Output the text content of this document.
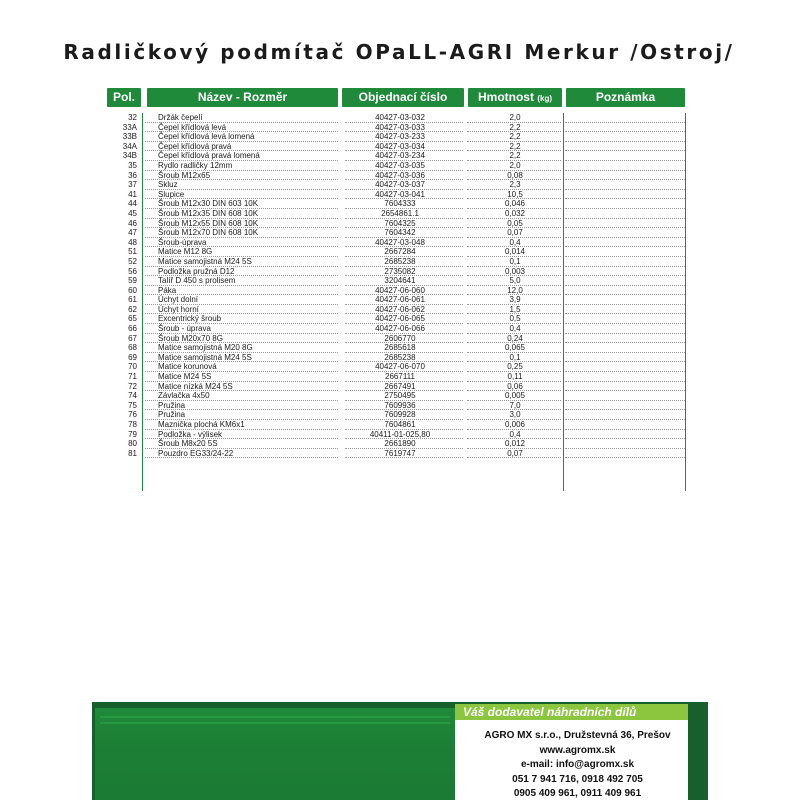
Radličkový podmítač OPaLL-AGRI Merkur /Ostroj/
Pol.	Název - Rozměr	Objednací číslo	Hmotnost (kg)	Poznámka
32	Držák čepelí	40427-03-032	2,0
33A	Čepel křídlová levá	40427-03-033	2,2
33B	Čepel křídlová levá lomená	40427-03-233	2,2
34A	Čepel křídlová pravá	40427-03-034	2,2
34B	Čepel křídlová pravá lomená	40427-03-234	2,2
35	Rydlo radličky 12mm	40427-03-035	2,0
36	Šroub M12x65	40427-03-036	0,08
37	Skluz	40427-03-037	2,3
41	Slupice	40427-03-041	10,5
44	Šroub M12x30 DIN 603 10K	7604333	0,046
45	Šroub M12x35 DIN 608 10K	2654861.1	0,032
46	Šroub M12x55 DIN 608 10K	7604325	0,05
47	Šroub M12x70 DIN 608 10K	7604342	0,07
48	Šroub-úprava	40427-03-048	0,4
51	Matice M12 8G	2667284	0,014
52	Matice samojistná M24 5S	2685238	0,1
56	Podložka pružná D12	2735082	0,003
59	Talíř D 450 s prolisem	3204641	5,0
60	Páka	40427-06-060	12,0
61	Úchyt dolní	40427-06-061	3,9
62	Úchyt horní	40427-06-062	1,5
65	Excentrický šroub	40427-06-065	0,5
66	Šroub - úprava	40427-06-066	0,4
67	Šroub M20x70 8G	2606770	0,24
68	Matice samojistná M20 8G	2685618	0,065
69	Matice samojistná M24 5S	2685238	0,1
70	Matice korunová	40427-06-070	0,25
71	Matice M24 5S	2667111	0,11
72	Matice nízká M24 5S	2667491	0,06
74	Závlačka 4x50	2750495	0,005
75	Pružina	7609936	7,0
76	Pružina	7609928	3,0
78	Maznička plochá KM6x1	7604861	0,006
79	Podložka - výlisek	40411-01-025,80	0,4
80	Šroub M8x20 5S	2661890	0,012
81	Pouzdro EG33/24-22	7619747	0,07
Váš dodavatel náhradních dílů
AGRO MX s.r.o., Družstevná 36, Prešov
www.agromx.sk
e-mail: info@agromx.sk
051 7 941 716, 0918 492 705
0905 409 961, 0911 409 961
